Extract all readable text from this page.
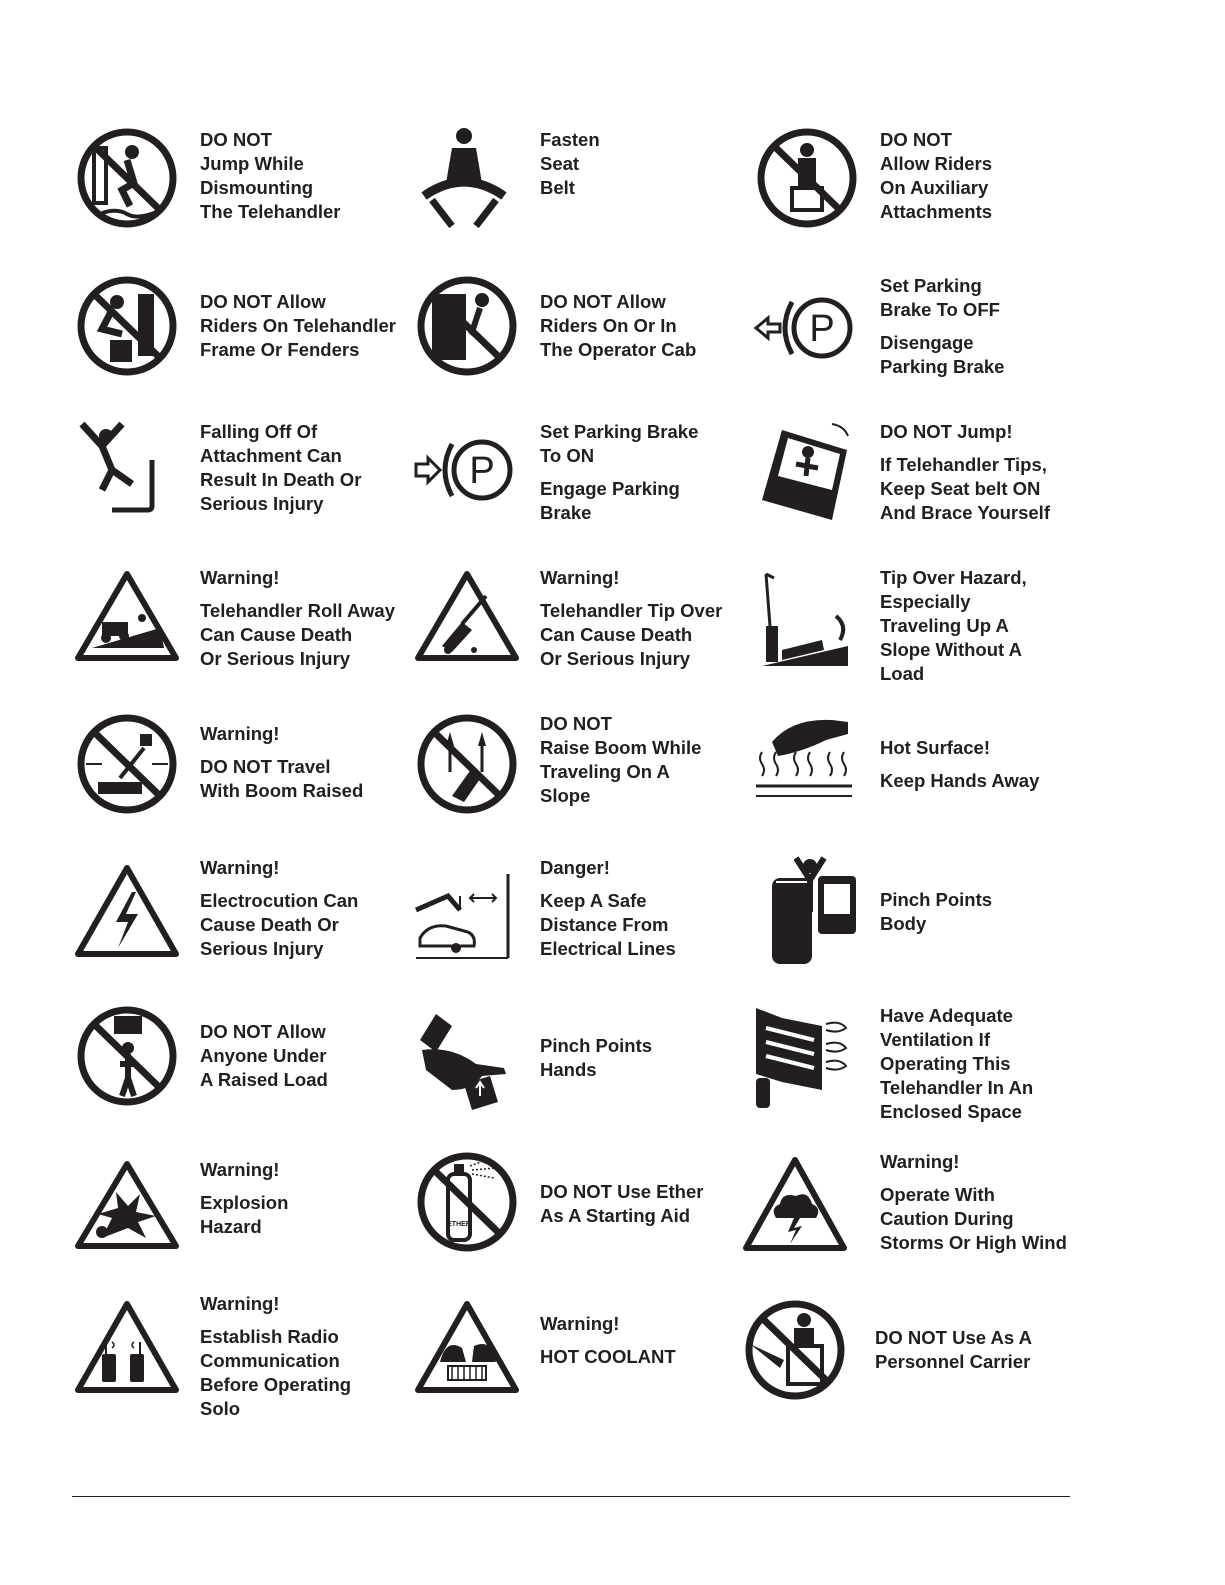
DO NOT
Jump While
Dismounting
The Telehandler

Fasten
Seat
Belt

DO NOT
Allow Riders
On Auxiliary
Attachments

DO NOT Allow
Riders On Telehandler
Frame Or Fenders

DO NOT Allow
Riders On Or In
The Operator Cab	P

Set Parking
Brake To OFF

Disengage
Parking Brake

Falling Off Of
Attachment Can
Result In Death Or
Serious Injury

P

Set Parking Brake
To ON

Engage Parking
Brake

DO NOT Jump!

If Telehandler Tips,
Keep Seat belt ON
And Brace Yourself

Warning!

Telehandler Roll Away
Can Cause Death
Or Serious Injury

Warning!

Telehandler Tip Over
Can Cause Death
Or Serious Injury

Tip Over Hazard,
Especially
Traveling Up A
Slope Without A
Load

Warning!

DO NOT Travel
With Boom Raised

DO NOT
Raise Boom While
Traveling On A
Slope

Hot Surface!

Keep Hands Away

Warning!

Electrocution Can
Cause Death Or
Serious Injury

Danger!

Keep A Safe
Distance From
Electrical Lines

Pinch Points
Body

DO NOT Allow
Anyone Under
A Raised Load

Pinch Points
Hands

Have Adequate
Ventilation If
Operating This
Telehandler In An
Enclosed Space

Warning!

Explosion
Hazard	ETHER

DO NOT Use Ether
As A Starting Aid

Warning!

Operate With
Caution During
Storms Or High Wind

Warning!

Establish Radio
Communication
Before Operating
Solo

Warning!

HOT COOLANT

DO NOT Use As A
Personnel Carrier
